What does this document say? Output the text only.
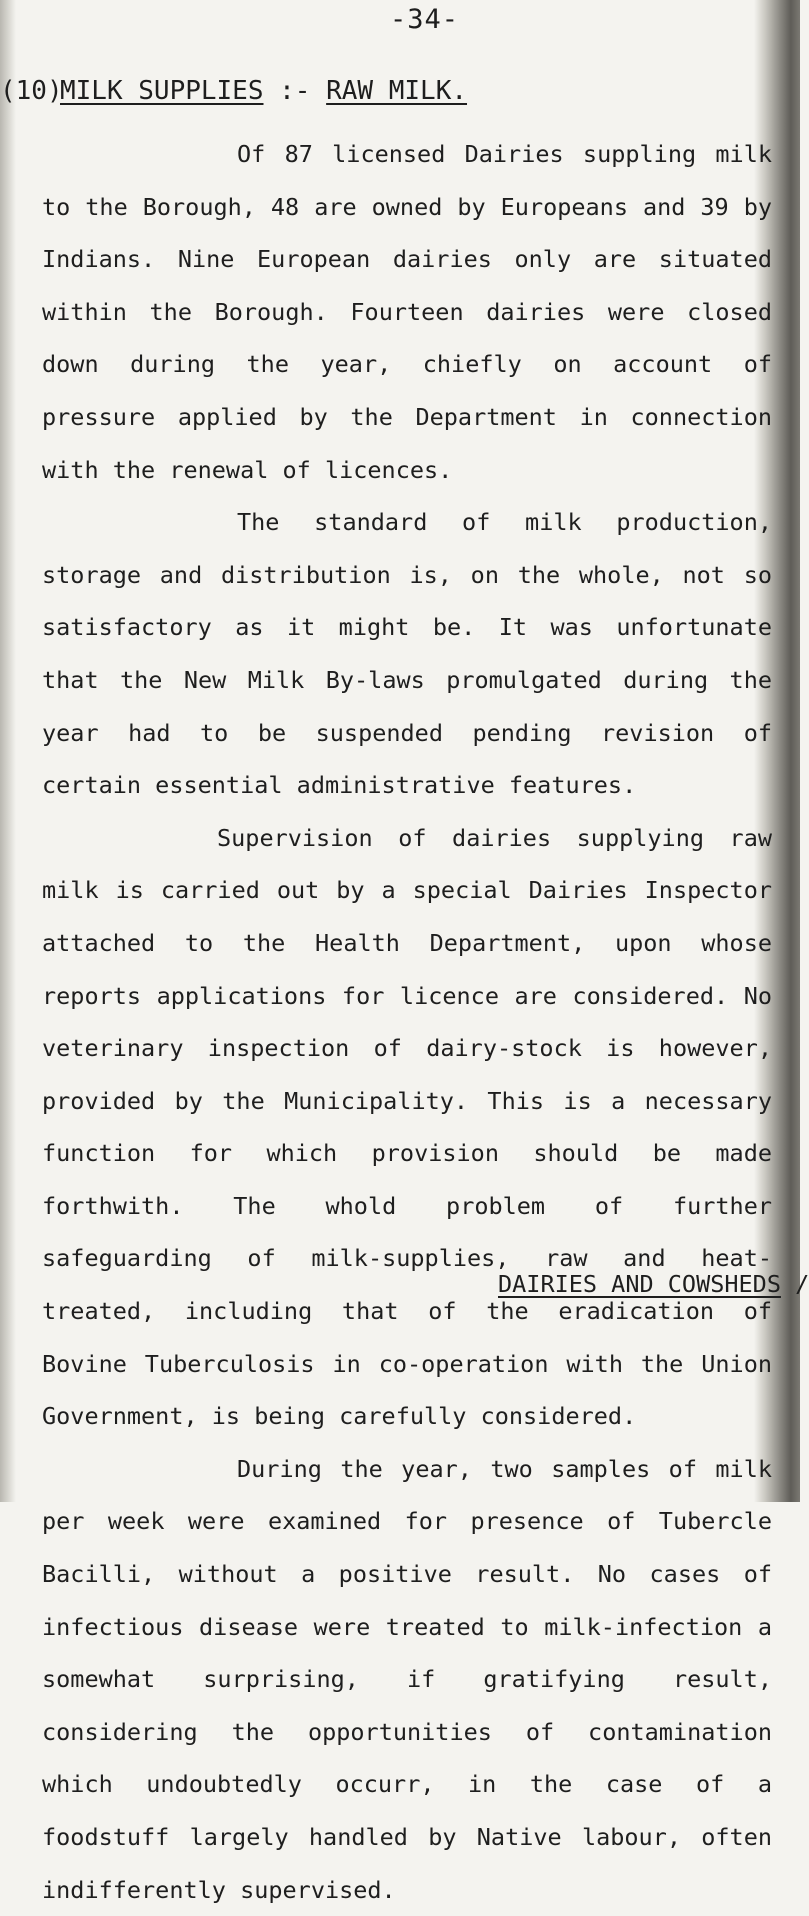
-34-
(10)
MILK SUPPLIES :- RAW MILK.

Of 87 licensed Dairies suppling milk to the Borough, 48 are owned by Europeans and 39 by Indians. Nine European dairies only are situated within the Borough. Fourteen dairies were closed down during the year, chiefly on account of pressure applied by the Department in connection with the renewal of licences.

The standard of milk production, storage and distribution is, on the whole, not so satisfactory as it might be. It was unfortunate that the New Milk By-laws promulgated during the year had to be suspended pending revision of certain essential administrative features.

Supervision of dairies supplying raw milk is carried out by a special Dairies Inspector attached to the Health Department, upon whose reports applications for licence are considered. No veterinary inspection of dairy-stock is however, provided by the Municipality. This is a necessary function for which provision should be made forthwith. The whold problem of further safeguarding of milk-supplies, raw and heat-treated, including that of the eradication of Bovine Tuberculosis in co-operation with the Union Government, is being carefully considered.

During the year, two samples of milk per week were examined for presence of Tubercle Bacilli, without a positive result. No cases of infectious disease were treated to milk-infection a somewhat surprising, if gratifying result, considering the opportunities of contamination which undoubtedly occurr, in the case of a foodstuff largely handled by Native labour, often indifferently supervised.

DAIRIES AND COWSHEDS /
